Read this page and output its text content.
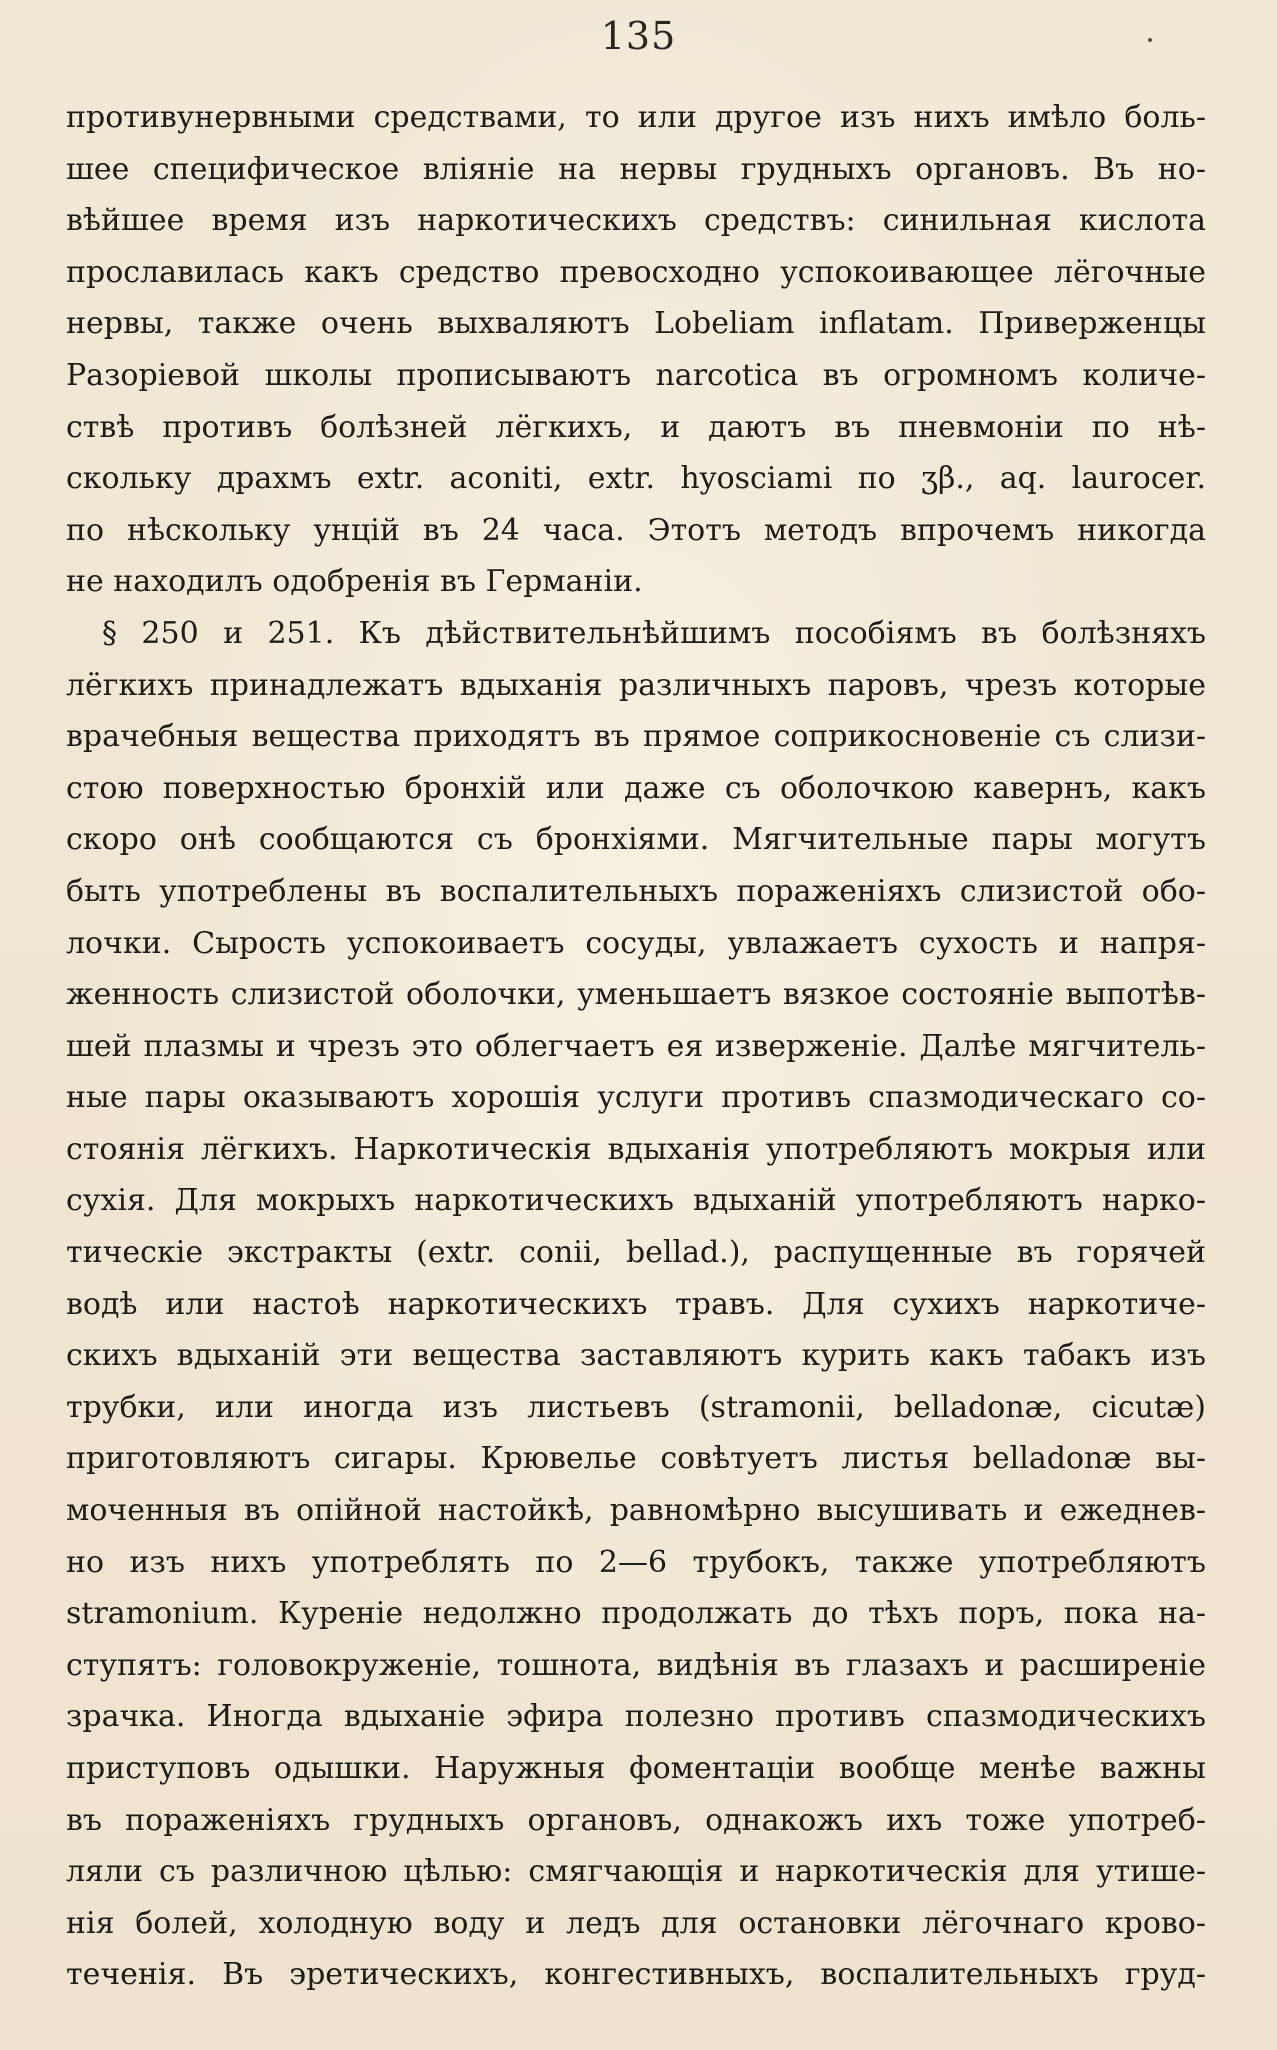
135
противунервными средствами, то или другое изъ нихъ имѣло боль-
шее специфическое вліяніе на нервы грудныхъ органовъ. Въ но-
вѣйшее время изъ наркотическихъ средствъ: синильная кислота
прославилась какъ средство превосходно успокоивающее лёгочные
нервы, также очень выхваляютъ Lobeliam inflatam. Приверженцы
Разоріевой школы прописываютъ narcotica въ огромномъ количе-
ствѣ противъ болѣзней лёгкихъ, и даютъ въ пневмоніи по нѣ-
скольку драхмъ extr. aconiti, extr. hyosciami по ʒβ., aq. laurocer.
по нѣскольку унцій въ 24 часа. Этотъ методъ впрочемъ никогда
не находилъ одобренія въ Германіи.
§ 250 и 251. Къ дѣйствительнѣйшимъ пособіямъ въ болѣзняхъ
лёгкихъ принадлежатъ вдыханія различныхъ паровъ, чрезъ которые
врачебныя вещества приходятъ въ прямое соприкосновеніе съ слизи-
стою поверхностью бронхій или даже съ оболочкою кавернъ, какъ
скоро онѣ сообщаются съ бронхіями. Мягчительные пары могутъ
быть употреблены въ воспалительныхъ пораженіяхъ слизистой обо-
лочки. Сырость успокоиваетъ сосуды, увлажаетъ сухость и напря-
женность слизистой оболочки, уменьшаетъ вязкое состояніе выпотѣв-
шей плазмы и чрезъ это облегчаетъ ея изверженіе. Далѣе мягчитель-
ные пары оказываютъ хорошія услуги противъ спазмодическаго со-
стоянія лёгкихъ. Наркотическія вдыханія употребляютъ мокрыя или
сухія. Для мокрыхъ наркотическихъ вдыханій употребляютъ нарко-
тическіе экстракты (extr. conii, bellad.), распущенные въ горячей
водѣ или настоѣ наркотическихъ травъ. Для сухихъ наркотиче-
скихъ вдыханій эти вещества заставляютъ курить какъ табакъ изъ
трубки, или иногда изъ листьевъ (stramonii, belladonæ, cicutæ)
приготовляютъ сигары. Крювелье совѣтуетъ листья belladonæ вы-
моченныя въ опійной настойкѣ, равномѣрно высушивать и ежеднев-
но изъ нихъ употреблять по 2—6 трубокъ, также употребляютъ
stramonium. Куреніе недолжно продолжать до тѣхъ поръ, пока на-
ступятъ: головокруженіе, тошнота, видѣнія въ глазахъ и расширеніе
зрачка. Иногда вдыханіе эфира полезно противъ спазмодическихъ
приступовъ одышки. Наружныя фоментаціи вообще менѣе важны
въ пораженіяхъ грудныхъ органовъ, однакожъ ихъ тоже употреб-
ляли съ различною цѣлью: смягчающія и наркотическія для утише-
нія болей, холодную воду и ледъ для остановки лёгочнаго крово-
теченія. Въ эретическихъ, конгестивныхъ, воспалительныхъ груд-
